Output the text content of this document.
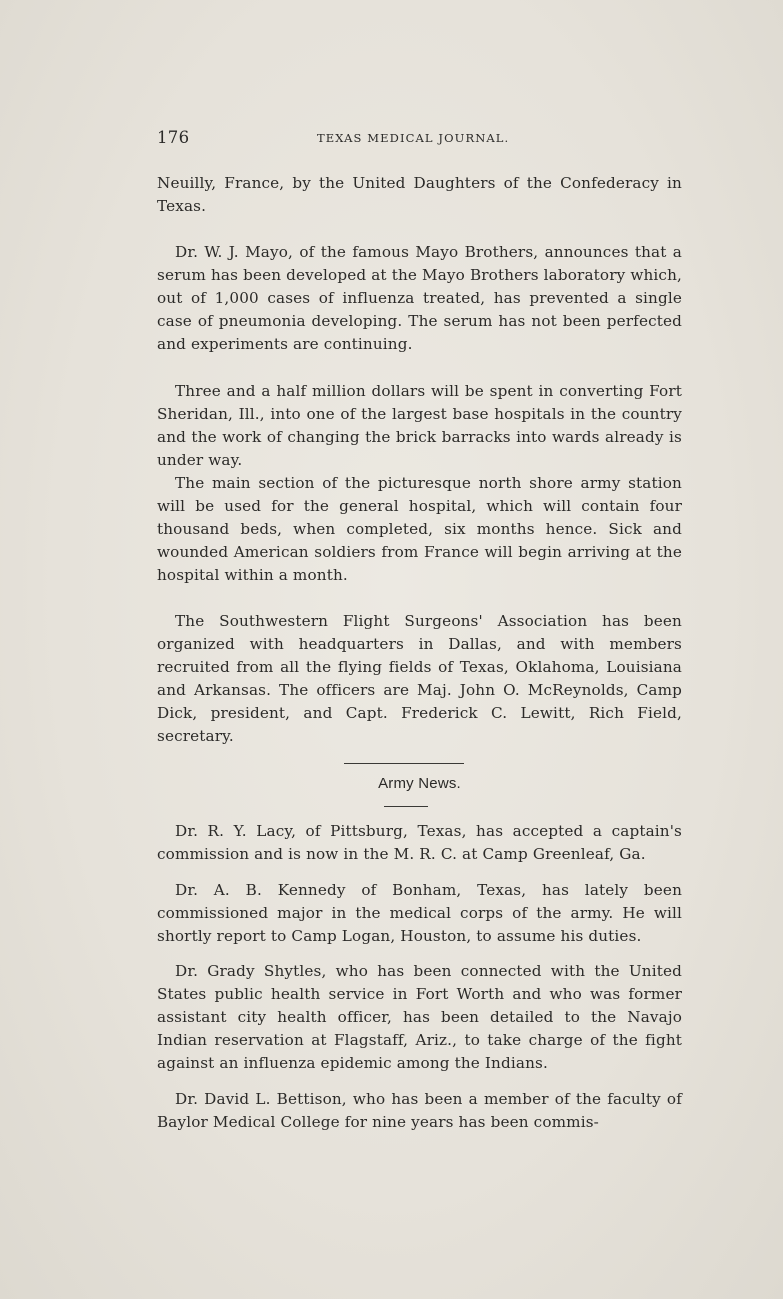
176	TEXAS MEDICAL JOURNAL.

Neuilly, France, by the United Daughters of the Confederacy in Texas.

Dr. W. J. Mayo, of the famous Mayo Brothers, announces that a serum has been developed at the Mayo Brothers laboratory which, out of 1,000 cases of influenza treated, has prevented a single case of pneumonia developing. The serum has not been perfected and experiments are continuing.

Three and a half million dollars will be spent in converting Fort Sheridan, Ill., into one of the largest base hospitals in the country and the work of changing the brick barracks into wards already is under way.

The main section of the picturesque north shore army station will be used for the general hospital, which will contain four thousand beds, when completed, six months hence. Sick and wounded American soldiers from France will begin arriving at the hospital within a month.

The Southwestern Flight Surgeons' Association has been organized with headquarters in Dallas, and with members recruited from all the flying fields of Texas, Oklahoma, Louisiana and Arkansas. The officers are Maj. John O. McReynolds, Camp Dick, president, and Capt. Frederick C. Lewitt, Rich Field, secretary.

Army News.

Dr. R. Y. Lacy, of Pittsburg, Texas, has accepted a captain's commission and is now in the M. R. C. at Camp Greenleaf, Ga.

Dr. A. B. Kennedy of Bonham, Texas, has lately been commissioned major in the medical corps of the army. He will shortly report to Camp Logan, Houston, to assume his duties.

Dr. Grady Shytles, who has been connected with the United States public health service in Fort Worth and who was former assistant city health officer, has been detailed to the Navajo Indian reservation at Flagstaff, Ariz., to take charge of the fight against an influenza epidemic among the Indians.

Dr. David L. Bettison, who has been a member of the faculty of Baylor Medical College for nine years has been commis-
